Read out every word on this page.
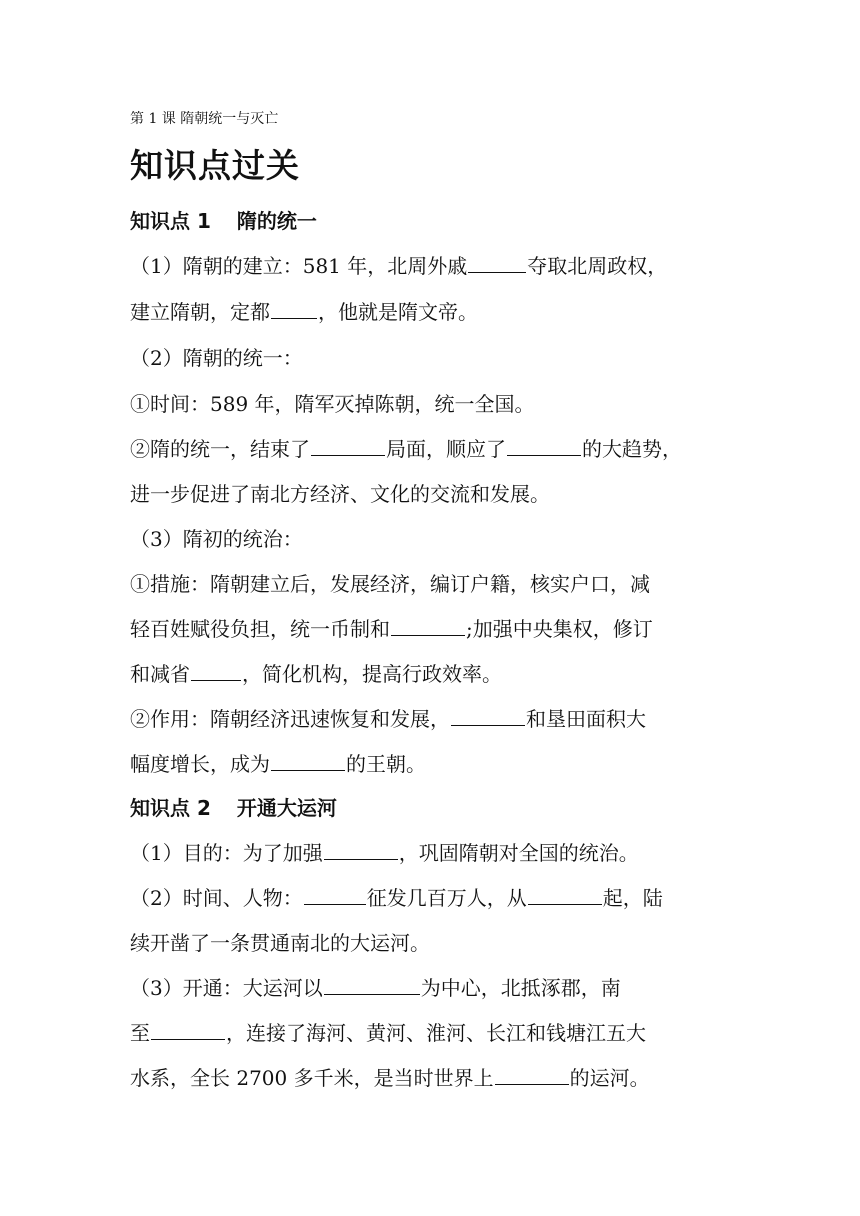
第 1 课 隋朝统一与灭亡
知识点过关
知识点 1 隋的统一
（1）隋朝的建立：581 年，北周外戚	夺取北周政权，
建立隋朝，定都 ，他就是隋文帝。
（2）隋朝的统一：
①时间：589 年，隋军灭掉陈朝，统一全国。
②隋的统一，结束了	局面，顺应了	的大趋势，
进一步促进了南北方经济、文化的交流和发展。
（3）隋初的统治：
①措施：隋朝建立后，发展经济，编订户籍，核实户口，减
轻百姓赋役负担，统一币制和	;加强中央集权，修订
和减省	，简化机构，提高行政效率。
②作用：隋朝经济迅速恢复和发展，	和垦田面积大
幅度增长，成为	的王朝。
知识点 2 开通大运河
（1）目的：为了加强	，巩固隋朝对全国的统治。
（2）时间、人物：	征发几百万人，从	起，陆
续开凿了一条贯通南北的大运河。
（3）开通：大运河以	为中心，北抵涿郡，南
至	，连接了海河、黄河、淮河、长江和钱塘江五大
水系，全长 2700 多千米，是当时世界上	的运河。
